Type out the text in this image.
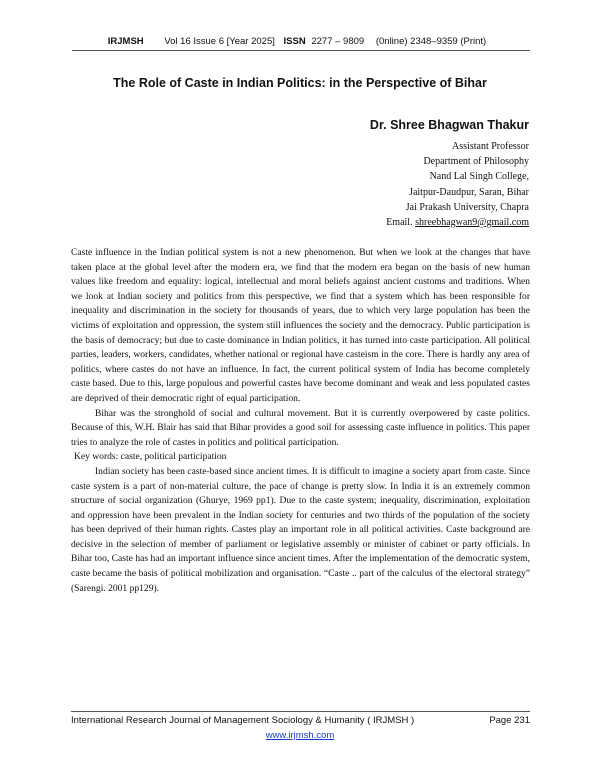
IRJMSH Vol 16 Issue 6 [Year 2025] ISSN 2277 – 9809 (0nline) 2348–9359 (Print)
The Role of Caste in Indian Politics: in the Perspective of Bihar
Dr. Shree Bhagwan Thakur
Assistant Professor
Department of Philosophy
Nand Lal Singh College,
Jaitpur-Daudpur, Saran, Bihar
Jai Prakash University, Chapra
Email. shreebhagwan9@gmail.com

Caste influence in the Indian political system is not a new phenomenon. But when we look at the changes that have taken place at the global level after the modern era, we find that the modern era began on the basis of new human values like freedom and equality: logical, intellectual and moral beliefs against ancient customs and traditions. When we look at Indian society and politics from this perspective, we find that a system which has been responsible for inequality and discrimination in the society for thousands of years, due to which very large population has been the victims of exploitation and oppression, the system still influences the society and the democracy. Public participation is the basis of democracy; but due to caste dominance in Indian politics, it has turned into caste participation. All political parties, leaders, workers, candidates, whether national or regional have casteism in the core. There is hardly any area of politics, where castes do not have an influence. In fact, the current political system of India has become completely caste based. Due to this, large populous and powerful castes have become dominant and weak and less populated castes are deprived of their democratic right of equal participation.

Bihar was the stronghold of social and cultural movement. But it is currently overpowered by caste politics. Because of this, W.H. Blair has said that Bihar provides a good soil for assessing caste influence in politics. This paper tries to analyze the role of castes in politics and political participation.

Key words: caste, political participation

Indian society has been caste-based since ancient times. It is difficult to imagine a society apart from caste. Since caste system is a part of non-material culture, the pace of change is pretty slow. In India it is an extremely common structure of social organization (Ghurye, 1969 pp1). Due to the caste system; inequality, discrimination, exploitation and oppression have been prevalent in the Indian society for centuries and two thirds of the population of the society has been deprived of their human rights. Castes play an important role in all political activities. Caste background are decisive in the selection of member of parliament or legislative assembly or minister of cabinet or party officials. In Bihar too, Caste has had an important influence since ancient times. After the implementation of the democratic system, caste became the basis of political mobilization and organisation. “Caste .. part of the calculus of the electoral strategy” (Sarengi. 2001 pp129).

International Research Journal of Management Sociology & Humanity ( IRJMSH )	Page 231
www.irjmsh.com
